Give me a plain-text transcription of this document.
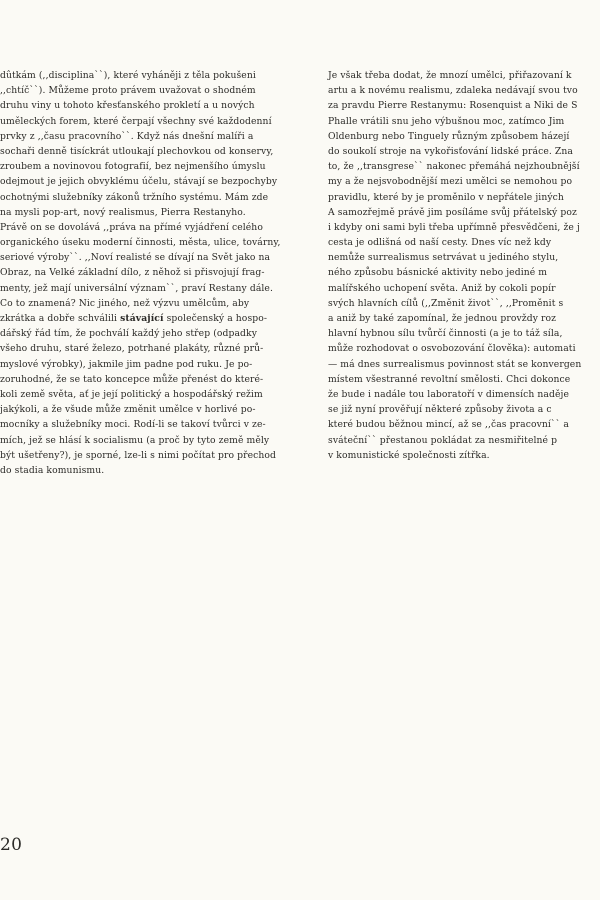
dûtkám (,,disciplina``), které vyháněji z těla pokušeni
,,chtíč``). Můžeme proto právem uvažovat o shodném
druhu viny u tohoto křesťanského prokletí a u nových
uměleckých forem, které čerpají všechny své každodenní
prvky z ,,času pracovního``. Když nás dnešní malíři a
sochaři denně tisíckrát utloukají plechovkou od konservy,
zroubem a novinovou fotografií, bez nejmenšího úmyslu
odejmout je jejich obvyklému účelu, stávají se bezpochyby
ochotnými služebníky zákonů tržního systému. Mám zde
na mysli pop-art, nový realismus, Pierra Restanyho.
Právě on se dovolává ,,práva na přímé vyjádření celého
organického úseku moderní činnosti, města, ulice, továrny,
seriové výroby``. ,,Noví realisté se dívají na Svět jako na
Obraz, na Velké základní dílo, z něhož si přisvojují frag-
menty, jež mají universální význam``, praví Restany dále.
Co to znamená? Nic jiného, než výzvu umělcům, aby
zkrátka a dobře schválili stávající společenský a hospo-
dářský řád tím, že pochválí každý jeho střep (odpadky
všeho druhu, staré železo, potrhané plakáty, různé prů-
myslové výrobky), jakmile jim padne pod ruku. Je po-
zoruhodné, že se tato koncepce může přenést do které-
koli země světa, ať je její politický a hospodářský režim
jakýkoli, a že všude může změnit umělce v horlivé po-
mocníky a služebníky moci. Rodí-li se takoví tvůrci v ze-
mích, jež se hlásí k socialismu (a proč by tyto země měly
být ušetřeny?), je sporné, lze-li s nimi počítat pro přechod
do stadia komunismu.
Je však třeba dodat, že mnozí umělci, přiřazovaní k
artu a k novému realismu, zdaleka nedávají svou tvo
za pravdu Pierre Restanymu: Rosenquist a Niki de S
Phalle vrátili snu jeho výbušnou moc, zatímco Jim
Oldenburg nebo Tinguely různým způsobem házejí
do soukolí stroje na vykořisťování lidské práce. Zna
to, že ,,transgrese`` nakonec přemáhá nejzhoubnější
my a že nejsvobodnější mezi umělci se nemohou po
pravidlu, které by je proměnilo v nepřátele jiných
A samozřejmě právě jim posíláme svůj přátelský poz
i kdyby oni sami byli třeba upřímně přesvědčeni, že j
cesta je odlišná od naší cesty. Dnes víc než kdy
nemůže surrealismus setrvávat u jediného stylu,
ného způsobu básnické aktivity nebo jediné m
malířského uchopení světa. Aniž by cokoli popír
svých hlavních cílů (,,Změnit život``, ,,Proměnit s
a aniž by také zapomínal, že jednou provždy roz
hlavní hybnou sílu tvůrčí činnosti (a je to táž síla,
může rozhodovat o osvobozování člověka): automati
— má dnes surrealismus povinnost stát se konvergen
místem všestranné revoltní smělosti. Chci dokonce
že bude i nadále tou laboratoří v dimensích naděje
se již nyní prověřují některé způsoby života a c
které budou běžnou mincí, až se ,,čas pracovní`` a
sváteční`` přestanou pokládat za nesmiřitelné p
v komunistické společnosti zítřka.
20
